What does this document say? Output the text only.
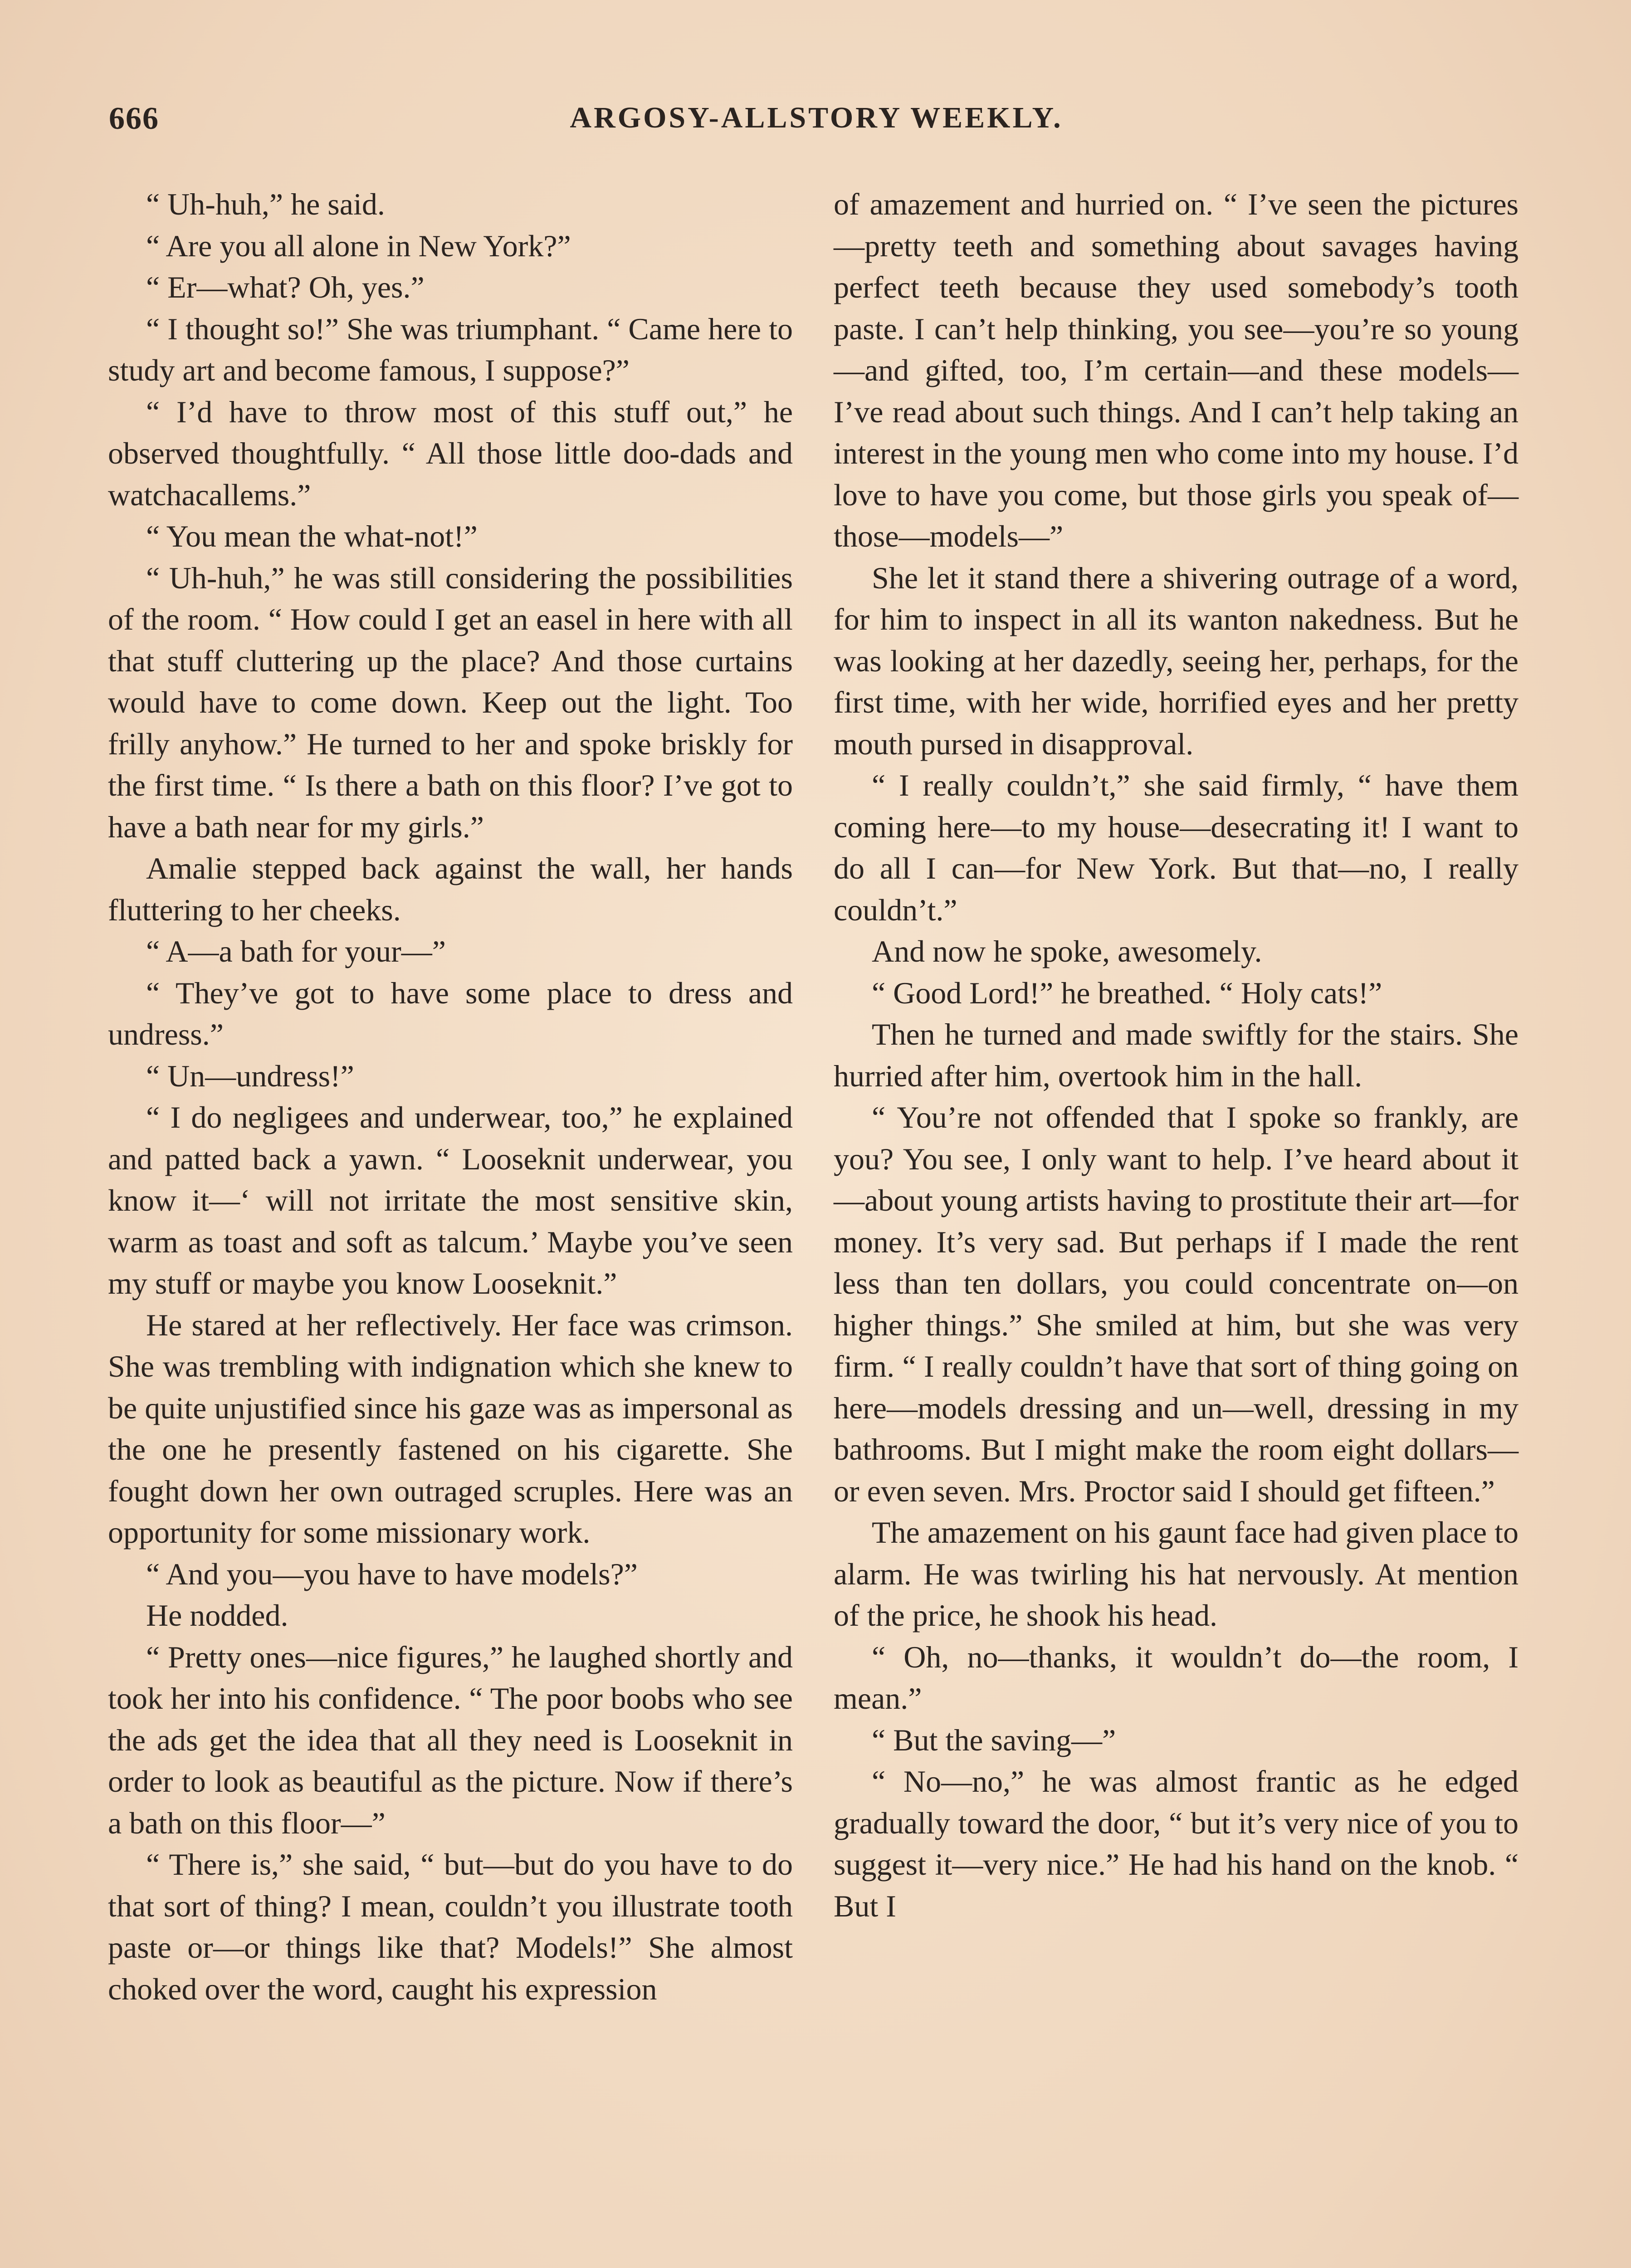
666	ARGOSY-ALLSTORY WEEKLY.

“ Uh-huh,” he said.

“ Are you all alone in New York?”

“ Er—what? Oh, yes.”

“ I thought so!” She was triumphant. “ Came here to study art and become famous, I suppose?”

“ I’d have to throw most of this stuff out,” he observed thoughtfully. “ All those little doo-dads and watchacallems.”

“ You mean the what-not!”

“ Uh-huh,” he was still considering the possibilities of the room. “ How could I get an easel in here with all that stuff cluttering up the place? And those curtains would have to come down. Keep out the light. Too frilly anyhow.” He turned to her and spoke briskly for the first time. “ Is there a bath on this floor? I’ve got to have a bath near for my girls.”

Amalie stepped back against the wall, her hands fluttering to her cheeks.

“ A—a bath for your—”

“ They’ve got to have some place to dress and undress.”

“ Un—undress!”

“ I do negligees and underwear, too,” he explained and patted back a yawn. “ Looseknit underwear, you know it—‘ will not irritate the most sensitive skin, warm as toast and soft as talcum.’ Maybe you’ve seen my stuff or maybe you know Looseknit.”

He stared at her reflectively. Her face was crimson. She was trembling with indignation which she knew to be quite unjustified since his gaze was as impersonal as the one he presently fastened on his cigarette. She fought down her own outraged scruples. Here was an opportunity for some missionary work.

“ And you—you have to have models?”

He nodded.

“ Pretty ones—nice figures,” he laughed shortly and took her into his confidence. “ The poor boobs who see the ads get the idea that all they need is Looseknit in order to look as beautiful as the picture. Now if there’s a bath on this floor—”

“ There is,” she said, “ but—but do you have to do that sort of thing? I mean, couldn’t you illustrate tooth paste or—or things like that? Models!” She almost choked over the word, caught his expression

of amazement and hurried on. “ I’ve seen the pictures—pretty teeth and something about savages having perfect teeth because they used somebody’s tooth paste. I can’t help thinking, you see—you’re so young—and gifted, too, I’m certain—and these models— I’ve read about such things. And I can’t help taking an interest in the young men who come into my house. I’d love to have you come, but those girls you speak of—those—models—”

She let it stand there a shivering outrage of a word, for him to inspect in all its wanton nakedness. But he was looking at her dazedly, seeing her, perhaps, for the first time, with her wide, horrified eyes and her pretty mouth pursed in disapproval.

“ I really couldn’t,” she said firmly, “ have them coming here—to my house—desecrating it! I want to do all I can—for New York. But that—no, I really couldn’t.”

And now he spoke, awesomely.

“ Good Lord!” he breathed. “ Holy cats!”

Then he turned and made swiftly for the stairs. She hurried after him, overtook him in the hall.

“ You’re not offended that I spoke so frankly, are you? You see, I only want to help. I’ve heard about it—about young artists having to prostitute their art—for money. It’s very sad. But perhaps if I made the rent less than ten dollars, you could concentrate on—on higher things.” She smiled at him, but she was very firm. “ I really couldn’t have that sort of thing going on here—models dressing and un—well, dressing in my bathrooms. But I might make the room eight dollars—or even seven. Mrs. Proctor said I should get fifteen.”

The amazement on his gaunt face had given place to alarm. He was twirling his hat nervously. At mention of the price, he shook his head.

“ Oh, no—thanks, it wouldn’t do—the room, I mean.”

“ But the saving—”

“ No—no,” he was almost frantic as he edged gradually toward the door, “ but it’s very nice of you to suggest it—very nice.” He had his hand on the knob. “ But I
